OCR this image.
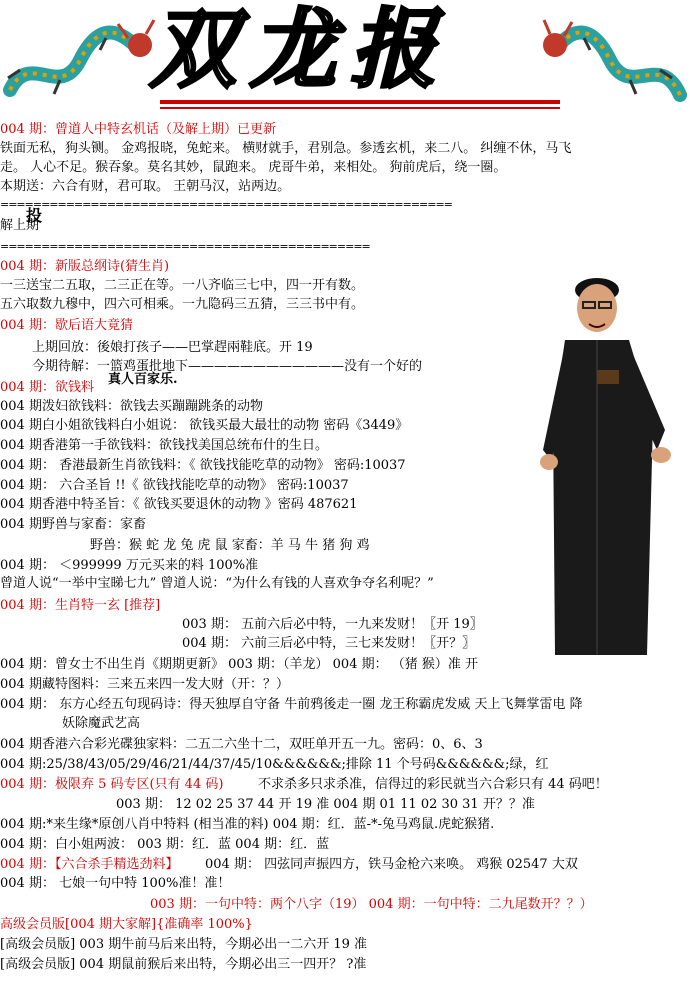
双龙报
004 期：曾道人中特玄机话（及解上期）已更新
铁面无私，狗头铡。 金鸡报晓，兔蛇来。 横财就手，君别急。参透玄机，来二八。 纠缠不休，马飞
走。 人心不足。猴吞象。莫名其妙，鼠跑来。 虎哥牛弟，来相处。 狗前虎后，绕一圈。
本期送：六合有财，君可取。 王朝马汉，站两边。
解上期
004 期：新版总纲诗(猜生肖)
一三送宝二五取，二三正在等。一八齐临三七中，四一开有数。
五六取数九穆中，四六可相乘。一九隐码三五猜，三三书中有。
004 期：歇后语大竟猜
上期回放：後娘打孩子——巴掌趕兩鞋底。开 19
今期待解：一篮鸡蛋批地下————————————没有一个好的
004 期：欲钱料
004 期泼妇欲钱料：欲钱去买蹦蹦跳条的动物
004 期白小姐欲钱料白小姐说： 欲钱买最大最壮的动物 密码《3449》
004 期香港第一手欲钱料：欲钱找美国总统布什的生日。
004 期： 香港最新生肖欲钱料：《 欲钱找能吃草的动物》 密码:10037
004 期： 六合圣旨 !!《 欲钱找能吃草的动物》 密码:10037
004 期香港中特圣旨：《 欲钱买要退休的动物 》密码 487621
004 期野兽与家畜：家畜
野兽：猴 蛇 龙 兔 虎 鼠 家畜：羊 马 牛 猪 狗 鸡
004 期： ＜999999 万元买来的料 100%准
曾道人说“一举中宝睇七九” 曾道人说：“为什么有钱的人喜欢争夺名利呢？”
004 期：生肖特一玄 [推荐]
003 期： 五前六后必中特，一九来发财！〖开 19〗
004 期： 六前三后必中特，三七来发财！〖开？〗
004 期：曾女士不出生肖《期期更新》 003 期：（羊龙） 004 期： （猪 猴）准 开
004 期藏特图料：三来五来四一发大财（开：？）
004 期： 东方心经五句现码诗：得天独厚自守备 牛前鸦後走一圈 龙王称霸虎发威 天上飞舞掌雷电 降
妖除魔武艺高
004 期香港六合彩光碟独家料：二五二六坐十二，双旺单开五一九。密码：0、6、3
004 期:25/38/43/05/29/46/21/44/37/45/10&&&&&&;排除 11 个号码&&&&&&;绿，红
004 期：极限弃 5 码专区(只有 44 码)	不求杀多只求杀准，信得过的彩民就当六合彩只有 44 码吧！
003 期： 12 02 25 37 44 开 19 准 004 期 01 11 02 30 31 开？？准
004 期:*来生缘*原创八肖中特料 (相当准的料) 004 期：红．蓝-*-兔马鸡鼠.虎蛇猴猪.
004 期：白小姐两波： 003 期：红．蓝 004 期：红．蓝
004 期：【六合杀手精选劲料】 004 期： 四弦同声振四方，铁马金枪六来唤。 鸡猴 02547 大双
004 期： 七娘一句中特 100%准！准！
003 期：一句中特：两个八字（19） 004 期：一句中特：二九尾数开？？）
高级会员版[004 期大家解]{准确率 100%}
[高级会员版] 003 期牛前马后来出特，今期必出一二六开 19 准
[高级会员版] 004 期鼠前猴后来出特，今期必出三一四开？ ?准
=======================================================
=============================================
投
真人百家乐.
